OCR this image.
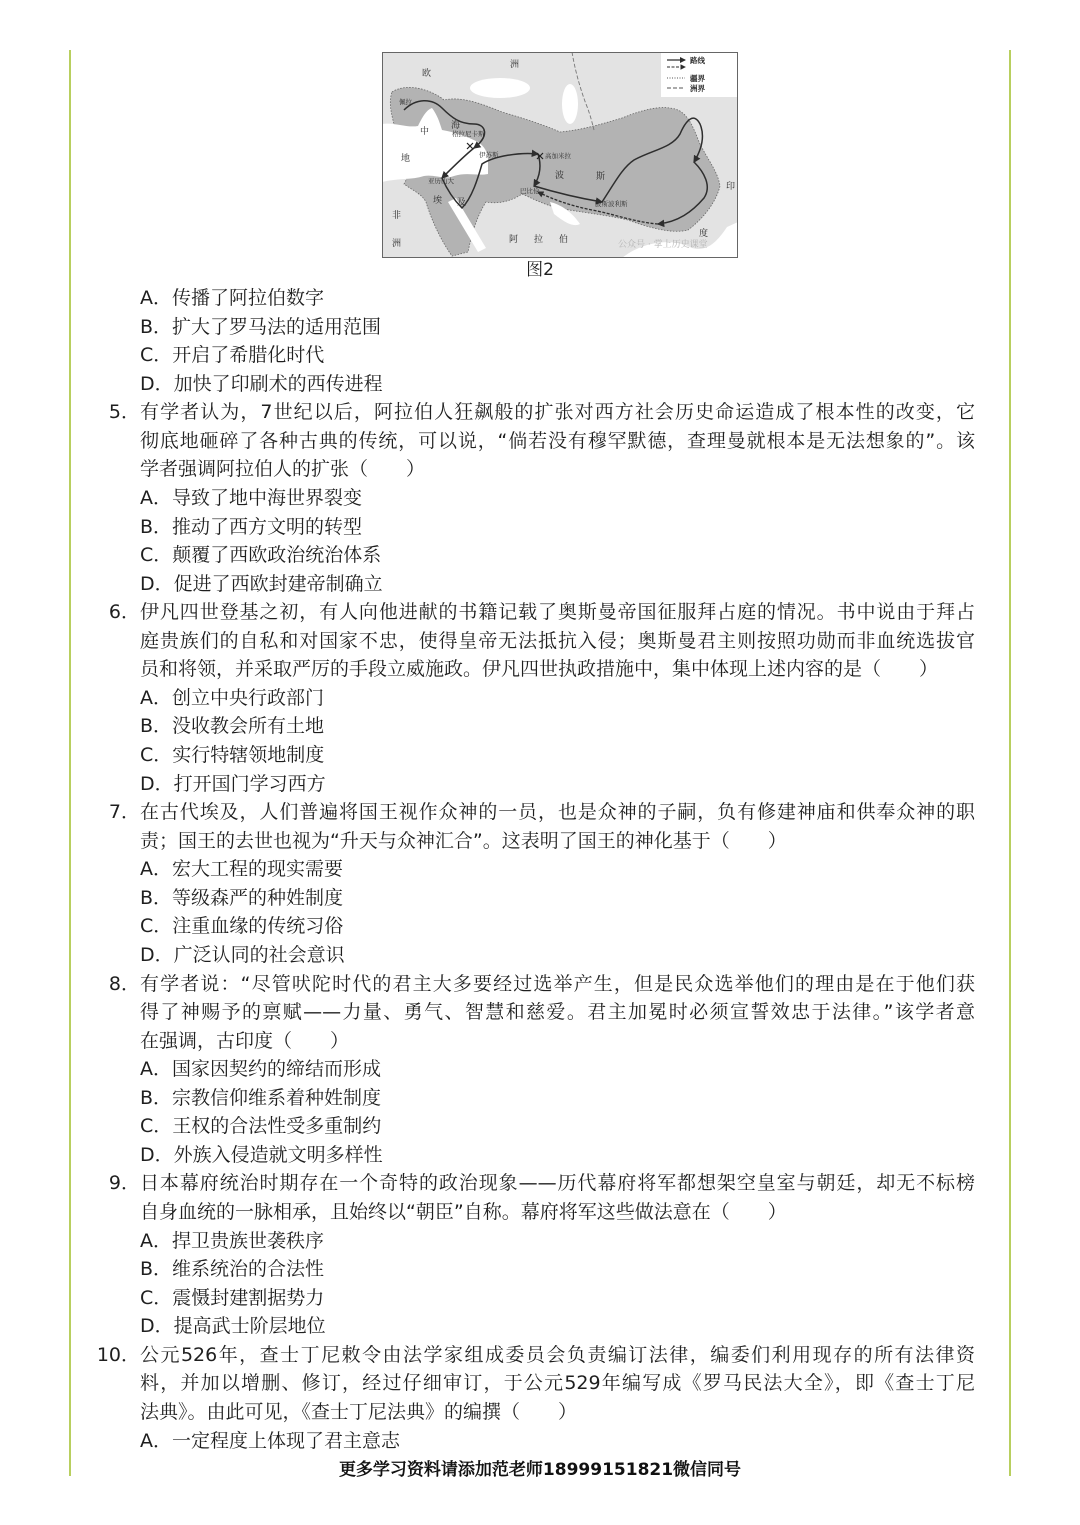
欧
洲
地
中
海
佩拉
格拉尼卡斯
伊苏斯	高加米拉
亚历山大
巴比伦
波斯波利斯
埃 及
非
洲
波	斯
阿 拉 伯
印
度
路线
疆界
洲界
公众号 · 掌上历史课堂
图2
A．传播了阿拉伯数字
B．扩大了罗马法的适用范围
C．开启了希腊化时代
D．加快了印刷术的西传进程
5． 有学者认为，7世纪以后，阿拉伯人狂飙般的扩张对西方社会历史命运造成了根本性的改变，它
彻底地砸碎了各种古典的传统，可以说，“倘若没有穆罕默德，查理曼就根本是无法想象的”。该
学者强调阿拉伯人的扩张（　　）
A．导致了地中海世界裂变
B．推动了西方文明的转型
C．颠覆了西欧政治统治体系
D．促进了西欧封建帝制确立
6． 伊凡四世登基之初，有人向他进献的书籍记载了奥斯曼帝国征服拜占庭的情况。书中说由于拜占
庭贵族们的自私和对国家不忠，使得皇帝无法抵抗入侵；奥斯曼君主则按照功勋而非血统选拔官
员和将领，并采取严厉的手段立威施政。伊凡四世执政措施中，集中体现上述内容的是（　　）
A．创立中央行政部门
B．没收教会所有土地
C．实行特辖领地制度
D．打开国门学习西方
7． 在古代埃及，人们普遍将国王视作众神的一员，也是众神的子嗣，负有修建神庙和供奉众神的职
责；国王的去世也视为“升天与众神汇合”。这表明了国王的神化基于（　　）
A．宏大工程的现实需要
B．等级森严的种姓制度
C．注重血缘的传统习俗
D．广泛认同的社会意识
8． 有学者说：“尽管吠陀时代的君主大多要经过选举产生，但是民众选举他们的理由是在于他们获
得了神赐予的禀赋——力量、勇气、智慧和慈爱。君主加冕时必须宣誓效忠于法律。”该学者意
在强调，古印度（　　）
A．国家因契约的缔结而形成
B．宗教信仰维系着种姓制度
C．王权的合法性受多重制约
D．外族入侵造就文明多样性
9． 日本幕府统治时期存在一个奇特的政治现象——历代幕府将军都想架空皇室与朝廷，却无不标榜
自身血统的一脉相承，且始终以“朝臣”自称。幕府将军这些做法意在（　　）
A．捍卫贵族世袭秩序
B．维系统治的合法性
C．震慑封建割据势力
D．提高武士阶层地位
10． 公元526年，查士丁尼敕令由法学家组成委员会负责编订法律，编委们利用现存的所有法律资
料，并加以增删、修订，经过仔细审订，于公元529年编写成《罗马民法大全》，即《查士丁尼
法典》。由此可见，《查士丁尼法典》的编撰（　　）
A．一定程度上体现了君主意志
更多学习资料请添加范老师18999151821微信同号
